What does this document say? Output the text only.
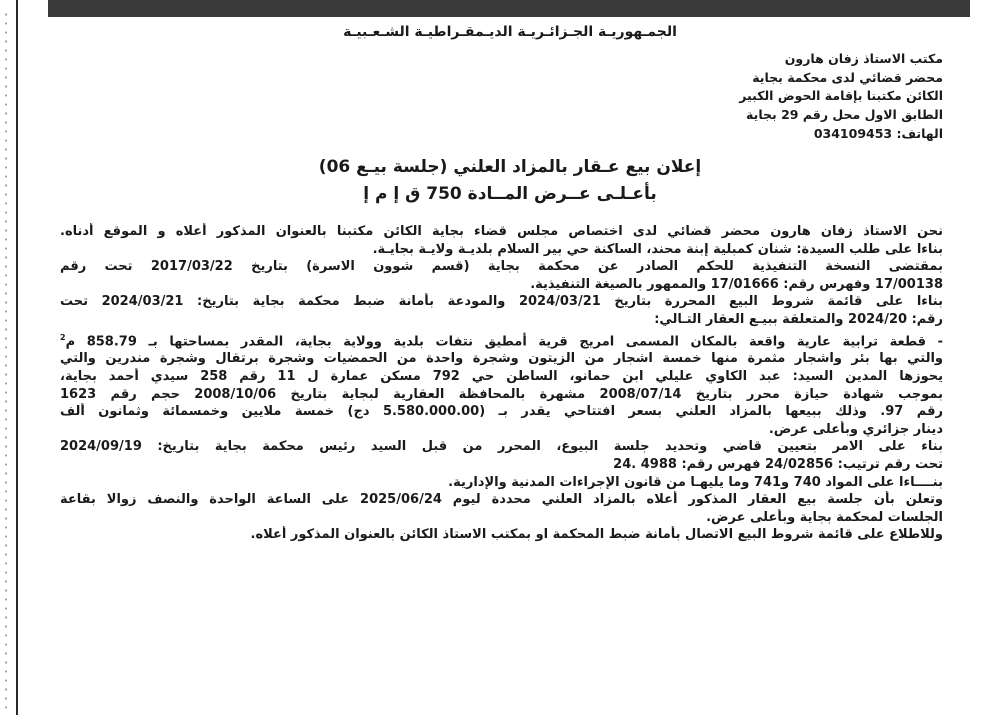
الجمـهوريـة الجـزائـريـة الديـمقـراطيـة الشـعـبيـة
مكتب الاستاذ زفان هارون
محضر قضائي لدى محكمة بجاية
الكائن مكتبنا بإقامة الحوض الكبير
الطابق الاول محل رقم 29 بجاية
الهاتف: 034109453
إعلان بيع عـقار بالمزاد العلني (جلسة بيـع 06)
بأعـلـى عــرض المــادة 750 ق إ م إ

نحن الاستاذ زفان هارون محضر قضائي لدى اختصاص مجلس قضاء بجاية الكائن مكتبنا بالعنوان المذكور أعلاه و الموقع أدناه.

بناءا على طلب السيدة: شنان كمبلية إبنة محند، الساكنة حي بير السلام بلديـة ولايـة بجايـة.

بمقتضى النسخة التنفيذية للحكم الصادر عن محكمة بجاية (قسم شوون الاسرة) بتاريخ 2017/03/22 تحت رقم

17/00138 وفهرس رقم: 17/01666 والممهور بالصيغة التنفيذية.

بناءا على قائمة شروط البيع المحررة بتاريخ 2024/03/21 والمودعة بأمانة ضبط محكمة بجاية بتاريخ: 2024/03/21 تحت

رقم: 2024/20 والمتعلقة ببيـع العقار التـالي:

- قطعة ترابية عارية واقعة بالمكان المسمى امريج قرية أمطيق نتفات بلدية وولاية بجاية، المقدر بمساحتها بـ 858.79 م$^2$

والتي بها بئر واشجار مثمرة منها خمسة اشجار من الزيتون وشجرة واحدة من الحمضيات وشجرة برتقال وشجرة مندرين والتي

يحوزها المدين السيد: عبد الكاوي عليلي ابن حمانو، الساطن حي 792 مسكن عمارة ل 11 رقم 258 سيدي أحمد بجاية،

بموجب شهادة حيازة محرر بتاريخ 2008/07/14 مشهرة بالمحافظة العقارية لبجاية بتاريخ 2008/10/06 حجم رقم 1623

رقم 97. وذلك ببيعها بالمزاد العلني بسعر افتتاحي يقدر بـ (5.580.000.00 دج) خمسة ملايين وخمسمائة وثمانون ألف

دينار جزائري وبأعلى عرض.

بناء على الامر بتعيين قاضي وتحديد جلسة البيوع، المحرر من قبل السيد رئيس محكمة بجاية بتاريخ: 2024/09/19

تحت رقم ترتيب: 24/02856 فهرس رقم: 4988 .24

بنــــاءا على المواد 740 و741 وما يليهـا من قانون الإجراءات المدنية والإدارية.

وتعلن بأن جلسة بيع العقار المذكور أعلاه بالمزاد العلني محددة ليوم 2025/06/24 على الساعة الواحدة والنصف زوالا بقاعة

الجلسات لمحكمة بجاية وبأعلى عرض.

وللاطلاع على قائمة شروط البيع الاتصال بأمانة ضبط المحكمة او بمكتب الاستاذ الكائن بالعنوان المذكور أعلاه.
